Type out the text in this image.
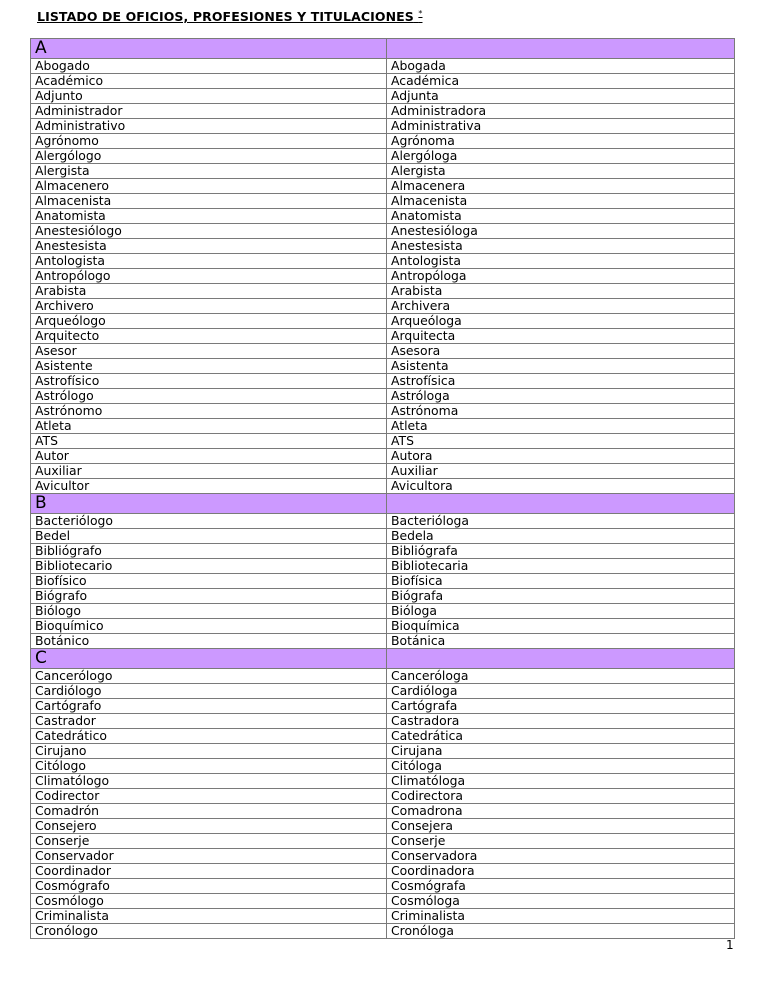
LISTADO DE OFICIOS, PROFESIONES Y TITULACIONES *
A	
Abogado	Abogada
Académico	Académica
Adjunto	Adjunta
Administrador	Administradora
Administrativo	Administrativa
Agrónomo	Agrónoma
Alergólogo	Alergóloga
Alergista	Alergista
Almacenero	Almacenera
Almacenista	Almacenista
Anatomista	Anatomista
Anestesiólogo	Anestesióloga
Anestesista	Anestesista
Antologista	Antologista
Antropólogo	Antropóloga
Arabista	Arabista
Archivero	Archivera
Arqueólogo	Arqueóloga
Arquitecto	Arquitecta
Asesor	Asesora
Asistente	Asistenta
Astrofísico	Astrofísica
Astrólogo	Astróloga
Astrónomo	Astrónoma
Atleta	Atleta
ATS	ATS
Autor	Autora
Auxiliar	Auxiliar
Avicultor	Avicultora
B	
Bacteriólogo	Bacterióloga
Bedel	Bedela
Bibliógrafo	Bibliógrafa
Bibliotecario	Bibliotecaria
Biofísico	Biofísica
Biógrafo	Biógrafa
Biólogo	Bióloga
Bioquímico	Bioquímica
Botánico	Botánica
C	
Cancerólogo	Canceróloga
Cardiólogo	Cardióloga
Cartógrafo	Cartógrafa
Castrador	Castradora
Catedrático	Catedrática
Cirujano	Cirujana
Citólogo	Citóloga
Climatólogo	Climatóloga
Codirector	Codirectora
Comadrón	Comadrona
Consejero	Consejera
Conserje	Conserje
Conservador	Conservadora
Coordinador	Coordinadora
Cosmógrafo	Cosmógrafa
Cosmólogo	Cosmóloga
Criminalista	Criminalista
Cronólogo	Cronóloga
1
